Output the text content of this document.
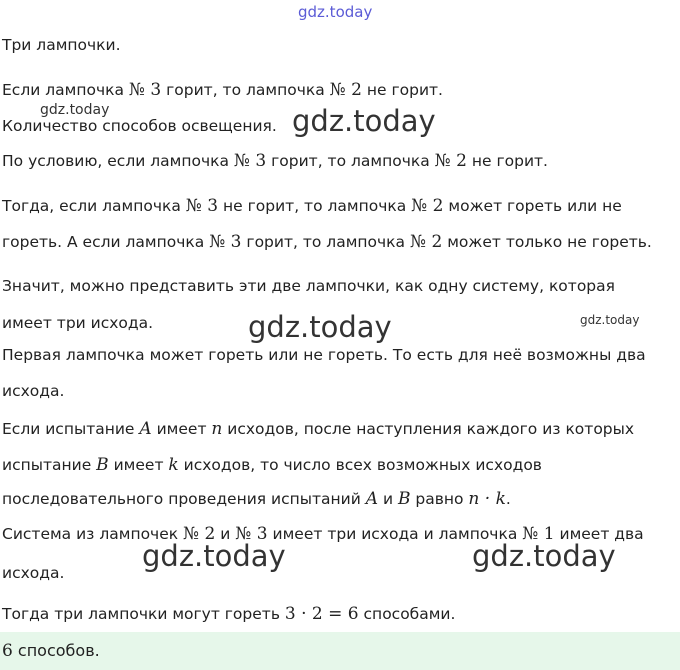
gdz.today
Три лампочки.
Если лампочка № 3 горит, то лампочка № 2 не горит.
gdz.today
Количество способов освещения. gdz.today
По условию, если лампочка № 3 горит, то лампочка № 2 не горит.
Тогда, если лампочка № 3 не горит, то лампочка № 2 может гореть или не
гореть. А если лампочка № 3 горит, то лампочка № 2 может только не гореть.
Значит, можно представить эти две лампочки, как одну систему, которая
имеет три исхода.	gdz.today	gdz.today
Первая лампочка может гореть или не гореть. То есть для неё возможны два
исхода.
Если испытание A имеет n исходов, после наступления каждого из которых
испытание B имеет k исходов, то число всех возможных исходов
последовательного проведения испытаний A и B равно n · k.
Система из лампочек № 2 и № 3 имеет три исхода и лампочка № 1 имеет два
gdz.today	gdz.today
исхода.
Тогда три лампочки могут гореть 3 · 2 = 6 способами.
6 способов.
